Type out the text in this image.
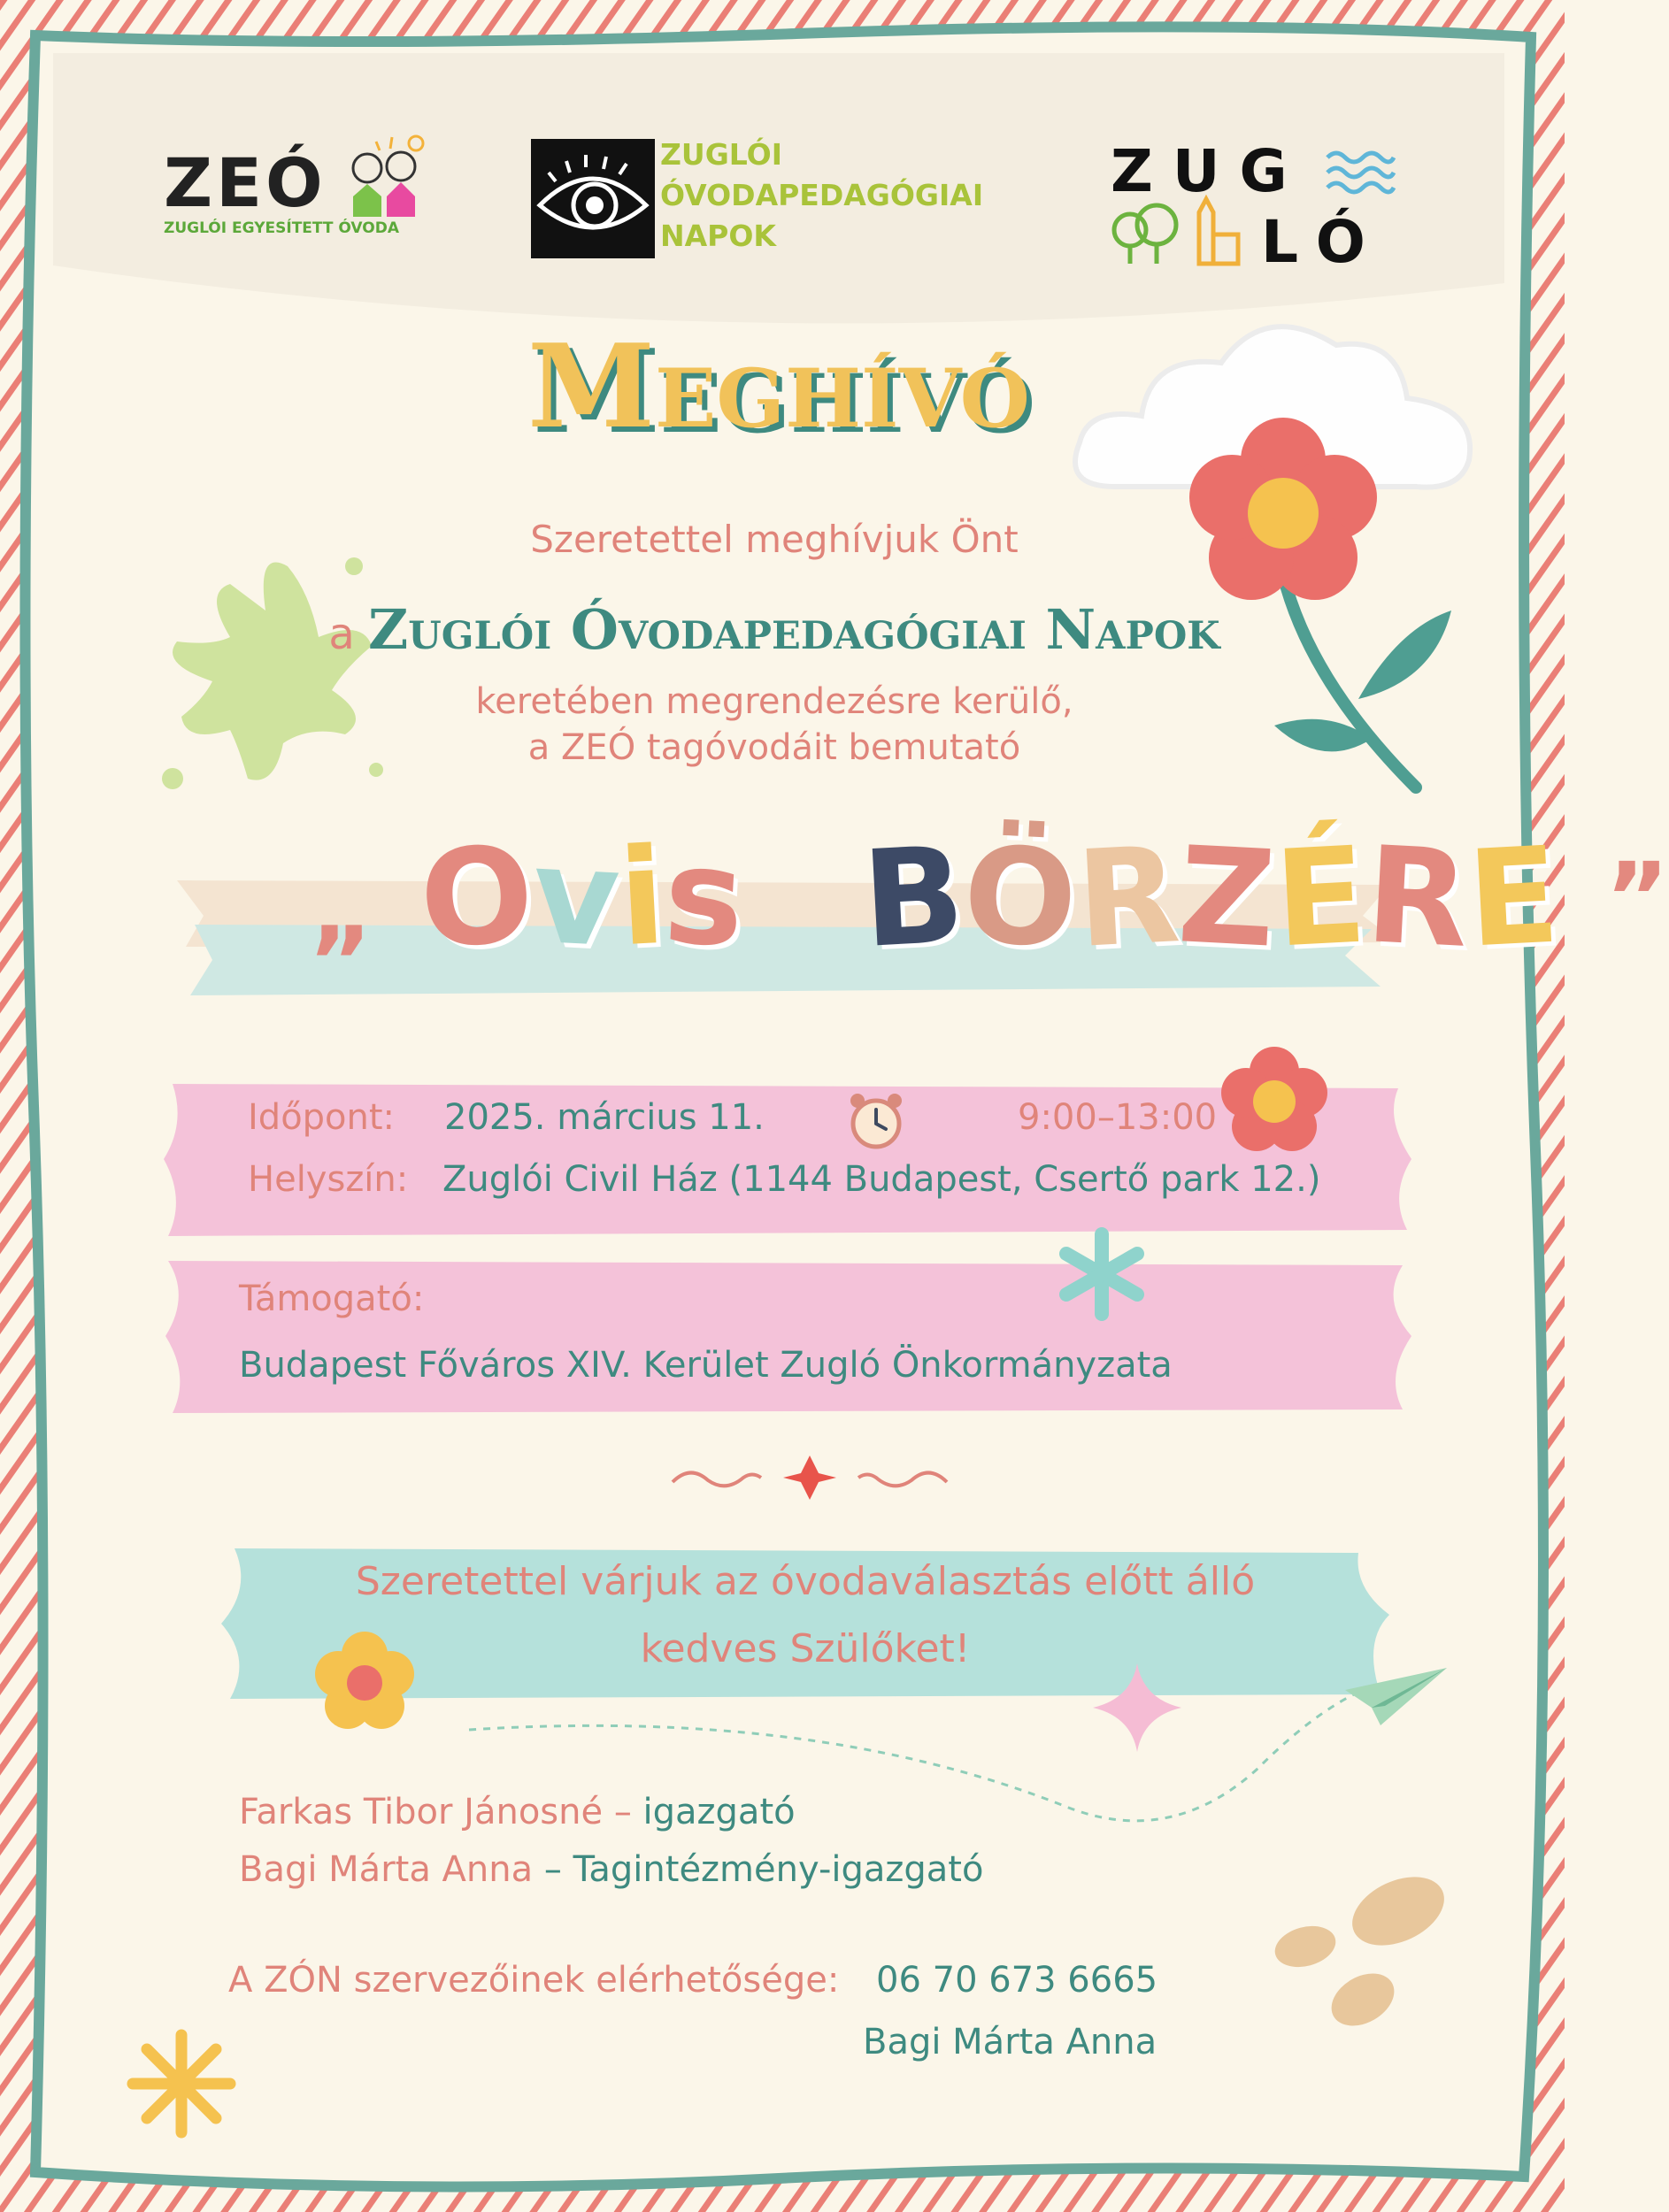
ZEÓ
ZUGLÓI EGYESÍTETT ÓVODA
ZUGLÓI
ÓVODAPEDAGÓGIAI
NAPOK
ZUG
LÓ
Meghívó
Szeretettel meghívjuk Önt
a Zuglói Óvodapedagógiai Napok
keretében megrendezésre kerülő,
a ZEÓ tagóvodáit bemutató
„ Ovis BÖRZÉRE ”
Időpont: 2025. március 11.	9:00–13:00
Helyszín: Zuglói Civil Ház (1144 Budapest, Csertő park 12.)
Támogató:
Budapest Főváros XIV. Kerület Zugló Önkormányzata
Szeretettel várjuk az óvodaválasztás előtt álló
kedves Szülőket!
Farkas Tibor Jánosné – igazgató
Bagi Márta Anna – Tagintézmény-igazgató
A ZÓN szervezőinek elérhetősége: 06 70 673 6665
Bagi Márta Anna
